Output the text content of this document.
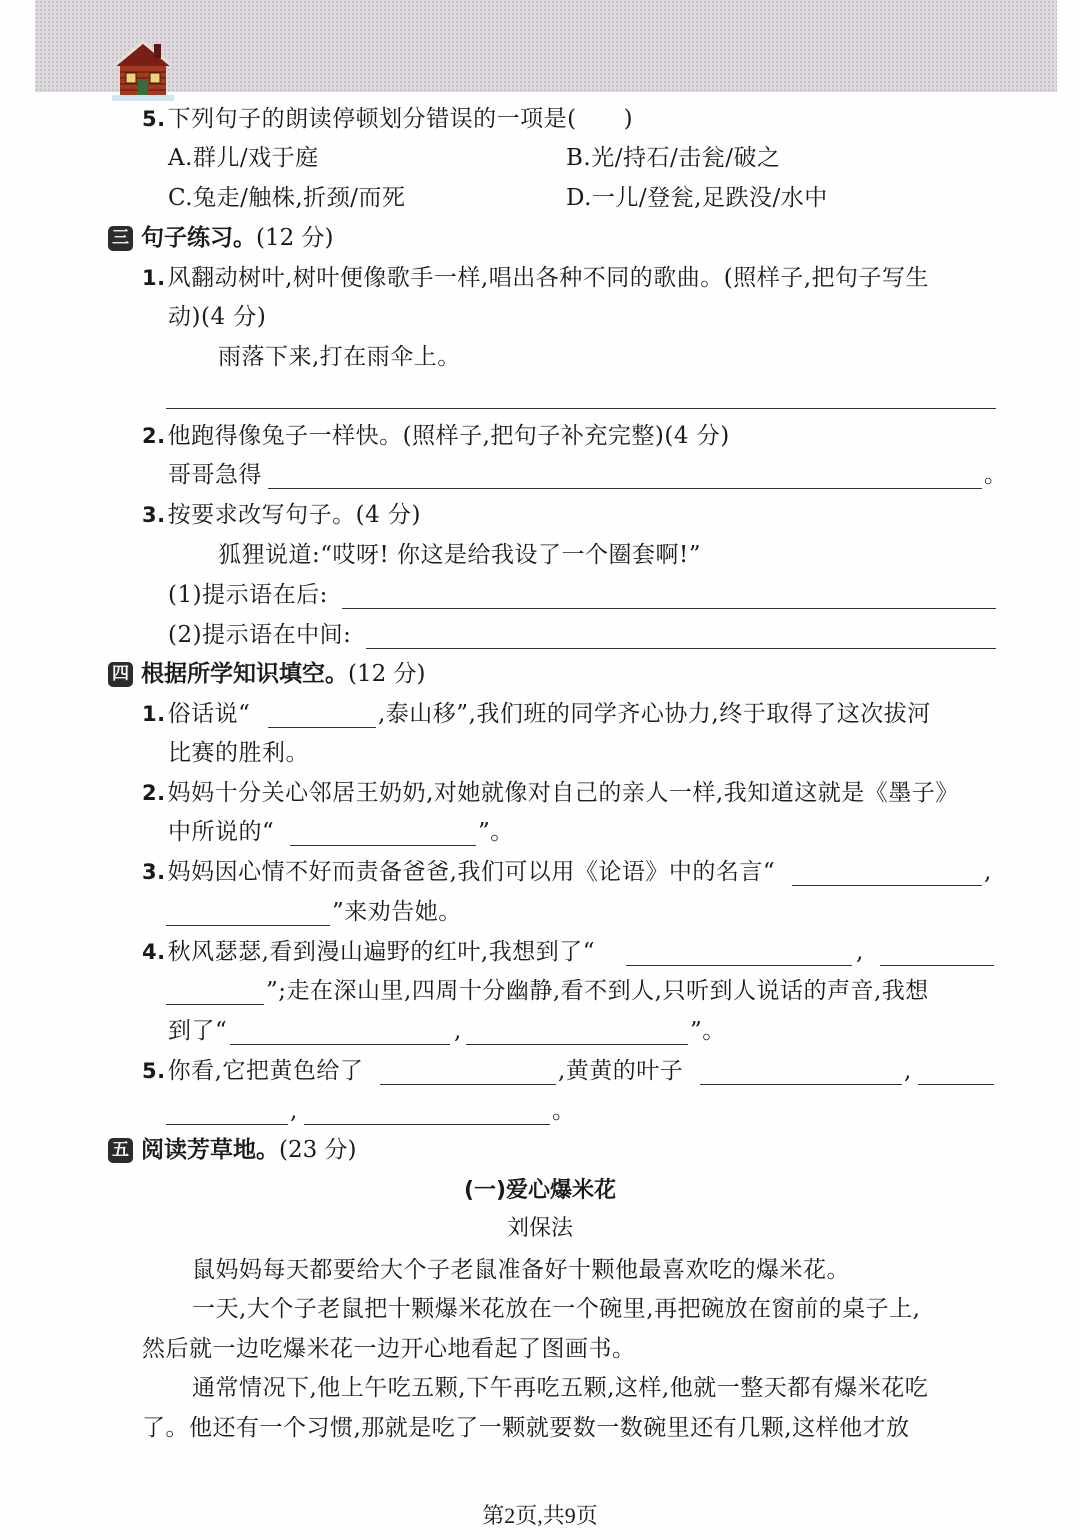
5.下列句子的朗读停顿划分错误的一项是(　　)
A.群儿/戏于庭	B.光/持石/击瓮/破之
C.兔走/触株,折颈/而死	D.一儿/登瓮,足跌没/水中
三 句子练习。(12 分)
1.风翻动树叶,树叶便像歌手一样,唱出各种不同的歌曲。(照样子,把句子写生
动)(4 分)
雨落下来,打在雨伞上。
2.他跑得像兔子一样快。(照样子,把句子补充完整)(4 分)
哥哥急得	。
3.按要求改写句子。(4 分)
狐狸说道:“哎呀! 你这是给我设了一个圈套啊!”
(1)提示语在后:
(2)提示语在中间:
四 根据所学知识填空。(12 分)
1.俗话说“	,泰山移”,我们班的同学齐心协力,终于取得了这次拔河
比赛的胜利。
2.妈妈十分关心邻居王奶奶,对她就像对自己的亲人一样,我知道这就是《墨子》
中所说的“	”。
3.妈妈因心情不好而责备爸爸,我们可以用《论语》中的名言“	,
”来劝告她。
4.秋风瑟瑟,看到漫山遍野的红叶,我想到了“	,
”;走在深山里,四周十分幽静,看不到人,只听到人说话的声音,我想
到了“	,	”。
5.你看,它把黄色给了	,黄黄的叶子	,
,	。
五 阅读芳草地。(23 分)
(一)爱心爆米花
刘保法
鼠妈妈每天都要给大个子老鼠准备好十颗他最喜欢吃的爆米花。
一天,大个子老鼠把十颗爆米花放在一个碗里,再把碗放在窗前的桌子上,
然后就一边吃爆米花一边开心地看起了图画书。
通常情况下,他上午吃五颗,下午再吃五颗,这样,他就一整天都有爆米花吃
了。他还有一个习惯,那就是吃了一颗就要数一数碗里还有几颗,这样他才放
第2页,共9页
